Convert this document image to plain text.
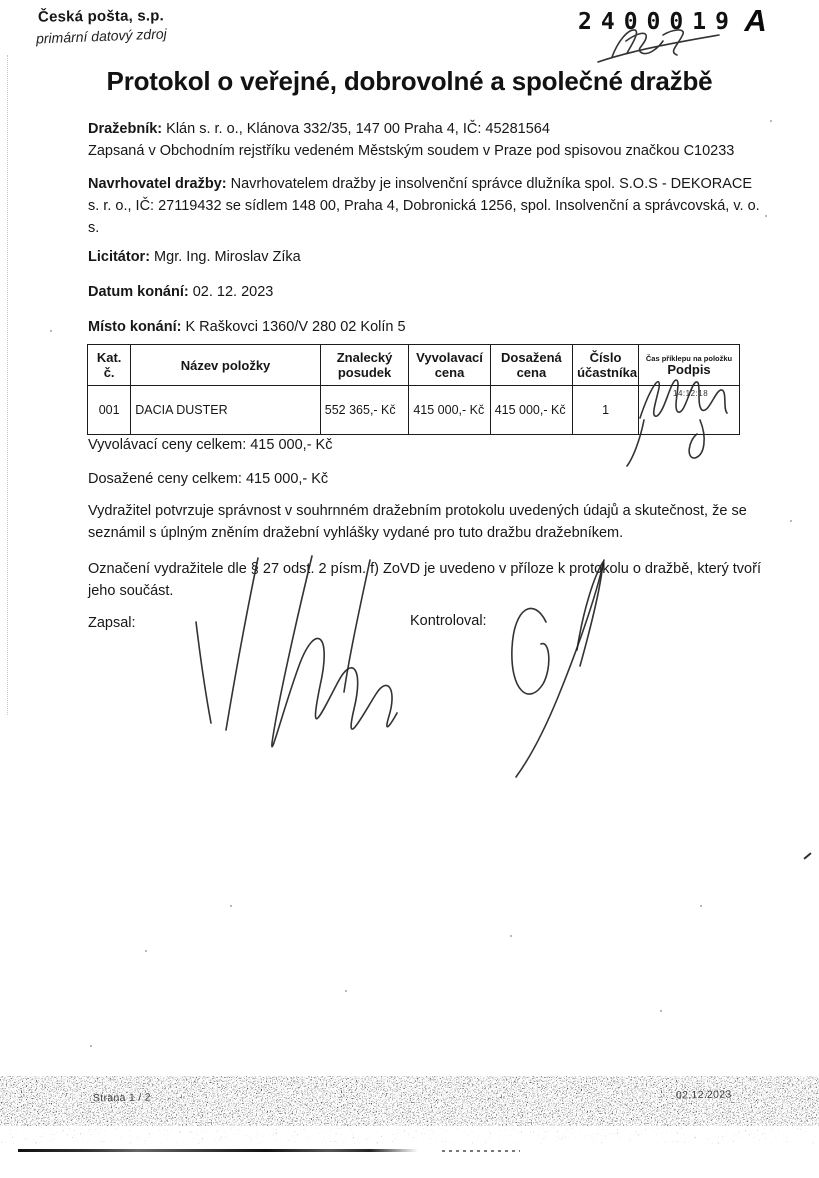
Česká pošta, s.p.
primární datový zdroj
2400019 A
Protokol o veřejné, dobrovolné a společné dražbě
Dražebník: Klán s. r. o., Klánova 332/35, 147 00 Praha 4, IČ: 45281564
Zapsaná v Obchodním rejstříku vedeném Městským soudem v Praze pod spisovou značkou C10233
Navrhovatel dražby: Navrhovatelem dražby je insolvenční správce dlužníka spol. S.O.S - DEKORACE s. r. o., IČ: 27119432 se sídlem 148 00, Praha 4, Dobronická 1256, spol. Insolvenční a správcovská, v. o. s.
Licitátor: Mgr. Ing. Miroslav Zíka
Datum konání: 02. 12. 2023
Místo konání: K Raškovci 1360/V 280 02 Kolín 5
Kat. č.	Název položky	Znalecký posudek	Vyvolavací cena	Dosažená cena	Číslo účastníka	Čas příklepu na položku
Podpis

001	DACIA DUSTER	552 365,- Kč	415 000,- Kč	415 000,- Kč	1	14:12:18
Vyvolávací ceny celkem: 415 000,- Kč
Dosažené ceny celkem: 415 000,- Kč
Vydražitel potvrzuje správnost v souhrnném dražebním protokolu uvedených údajů a skutečnost, že se seznámil s úplným zněním dražební vyhlášky vydané pro tuto dražbu dražebníkem.
Označení vydražitele dle § 27 odst. 2 písm. f) ZoVD je uvedeno v příloze k protokolu o dražbě, který tvoří jeho součást.
Zapsal:	Kontroloval:
Strana 1 / 2	02.12.2023
